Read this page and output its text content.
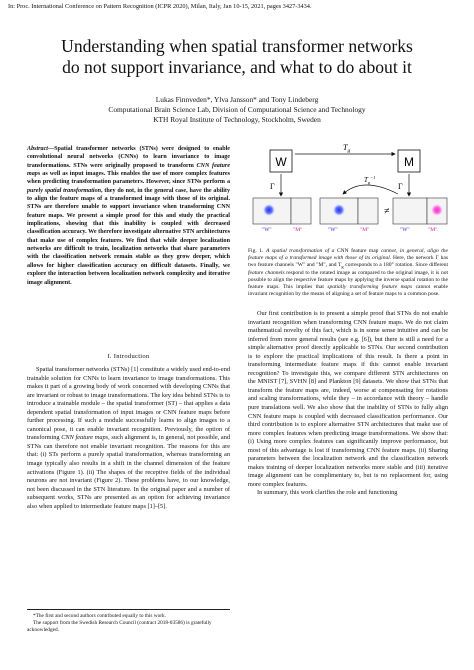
In: Proc. International Conference on Pattern Recognition (ICPR 2020), Milan, Italy, Jan 10-15, 2021, pages 3427-3434.
Understanding when spatial transformer networks
do not support invariance, and what to do about it
Lukas Finnveden*, Ylva Jansson* and Tony Lindeberg
Computational Brain Science Lab, Division of Computational Science and Technology
KTH Royal Institute of Technology, Stockholm, Sweden
Abstract—Spatial transformer networks (STNs) were designed to enable convolutional neural networks (CNNs) to learn invariance to image transformations. STNs were originally proposed to transform CNN feature maps as well as input images. This enables the use of more complex features when predicting transformation parameters. However, since STNs perform a purely spatial transformation, they do not, in the general case, have the ability to align the feature maps of a transformed image with those of its original. STNs are therefore unable to support invariance when transforming CNN feature maps. We present a simple proof for this and study the practical implications, showing that this inability is coupled with decreased classification accuracy. We therefore investigate alternative STN architectures that make use of complex features. We find that while deeper localization networks are difficult to train, localization networks that share parameters with the classification network remain stable as they grow deeper, which allows for higher classification accuracy on difficult datasets. Finally, we explore the interaction between localization network complexity and iterative image alignment.
I. Introduction

Spatial transformer networks (STNs) [1] constitute a widely used end-to-end trainable solution for CNNs to learn invariance to image transformations. This makes it part of a growing body of work concerned with developing CNNs that are invariant or robust to image transformations. The key idea behind STNs is to introduce a trainable module – the spatial transformer (ST) – that applies a data dependent spatial transformation of input images or CNN feature maps before further processing. If such a module successfully learns to align images to a canonical pose, it can enable invariant recognition. Previously, the option of transforming CNN feature maps, such alignment is, in general, not possible, and STNs can therefore not enable invariant recognition. The reasons for this are that: (i) STs perform a purely spatial transformation, whereas transforming an image typically also results in a shift in the channel dimension of the feature activations (Figure 1). (ii) The shapes of the receptive fields of the individual neurons are not invariant (Figure 2). These problems have, to our knowledge, not been discussed in the STN literature. In the original paper and a number of subsequent works, STNs are presented as an option for achieving invariance also when applied to intermediate feature maps [1]–[5].

*The first and second authors contributed equally to this work.
The support from the Swedish Research Council (contract 2018-03586) is gratefully acknowledged.
W	M
$T_g$
Γ	Γ
"W"	"M"	"W"	"M"
≠
"W"	"M"
$T_g^{-1}$
Fig. 1. A spatial transformation of a CNN feature map cannot, in general, align the feature maps of a transformed image with those of its original. Here, the network Γ has two feature channels "W" and "M", and $T_g$ corresponds to a 180° rotation. Since different feature channels respond to the rotated image as compared to the original image, it is not possible to align the respective feature maps by applying the inverse spatial rotation to the feature maps. This implies that spatially transforming feature maps cannot enable invariant recognition by the means of aligning a set of feature maps to a common pose.

Our first contribution is to present a simple proof that STNs do not enable invariant recognition when transforming CNN feature maps. We do not claim mathematical novelty of this fact, which is in some sense intuitive and can be inferred from more general results (see e.g. [6]), but there is still a need for a simple alternative proof directly applicable to STNs. Our second contribution is to explore the practical implications of this result. Is there a point in transforming intermediate feature maps if this cannot enable invariant recognition? To investigate this, we compare different STN architectures on the MNIST [7], SVHN [8] and Plankton [9] datasets. We show that STNs that transform the feature maps are, indeed, worse at compensating for rotations and scaling transformations, while they – in accordance with theory – handle pure translations well. We also show that the inability of STNs to fully align CNN feature maps is coupled with decreased classification performance. Our third contribution is to explore alternative STN architectures that make use of more complex features when predicting image transformations. We show that: (i) Using more complex features can significantly improve performance, but most of this advantage is lost if transforming CNN feature maps. (ii) Sharing parameters between the localization network and the classification network makes training of deeper localization networks more stable and (iii) iterative image alignment can be complimentary to, but is no replacement for, using more complex features.

In summary, this work clarifies the role and functioning
